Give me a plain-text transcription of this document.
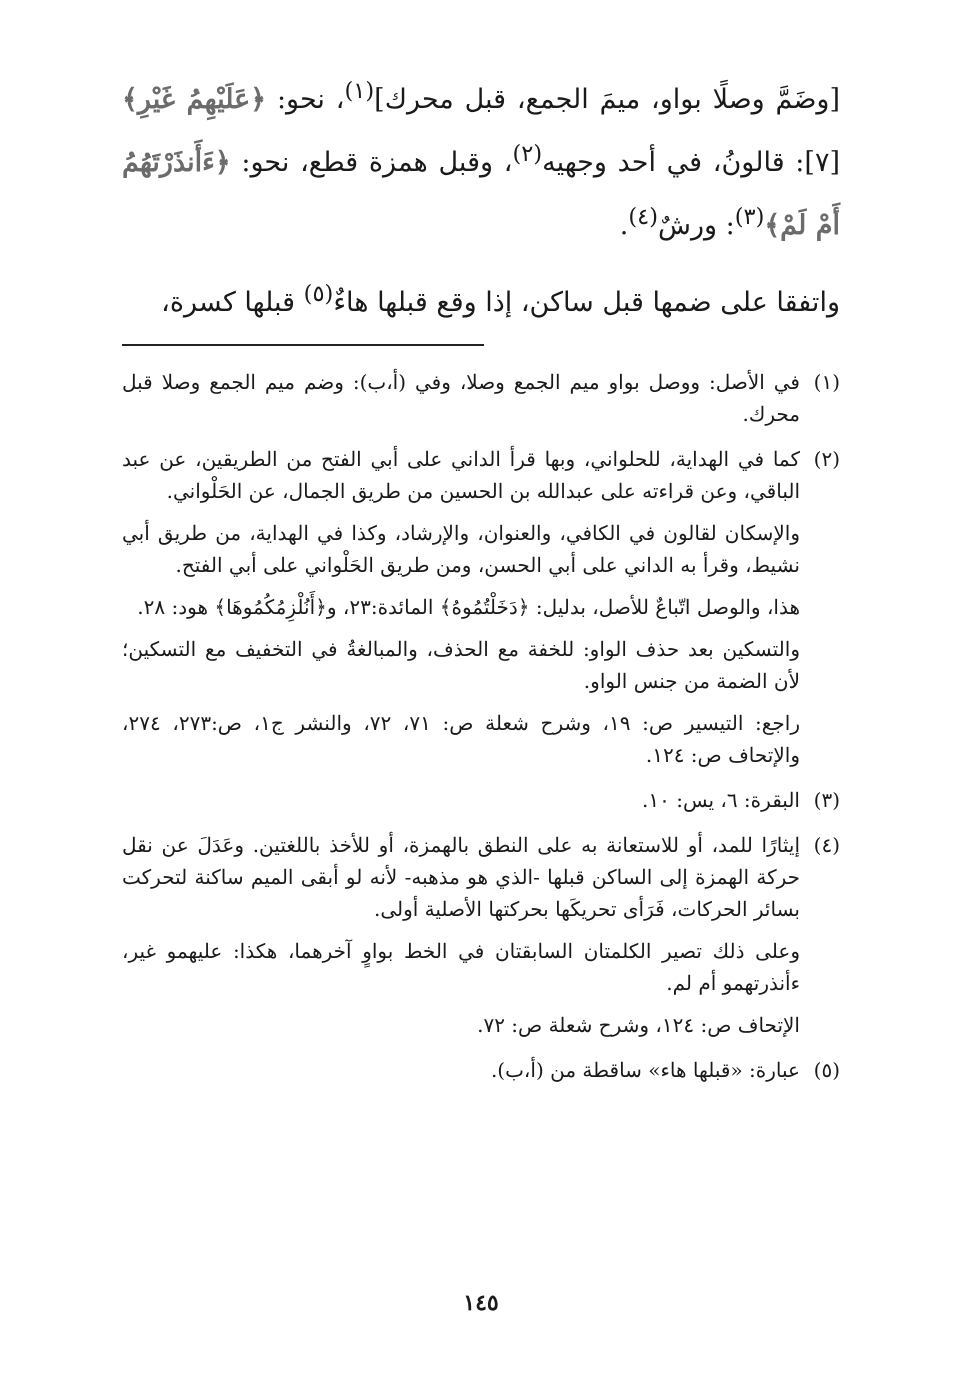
[وضَمَّ وصلًا بواو، ميمَ الجمع، قبل محرك]$^{(١)}$، نحو: ﴿عَلَيْهِمُ غَيْرِ﴾[٧]: قالونُ، في أحد وجهيه$^{(٢)}$، وقبل همزة قطع، نحو: ﴿ءَأَنذَرْتَهُمُ أَمْ لَمْ﴾$^{(٣)}$: ورشٌ$^{(٤)}$.

واتفقا على ضمها قبل ساكن، إذا وقع قبلها هاءٌ$^{(٥)}$ قبلها كسرة،

(١)

في الأصل: ووصل بواو ميم الجمع وصلا، وفي (أ،ب): وضم ميم الجمع وصلا قبل محرك.

(٢)

كما في الهداية، للحلواني، وبها قرأ الداني على أبي الفتح من الطريقين، عن عبد الباقي، وعن قراءته على عبدالله بن الحسين من طريق الجمال، عن الحَلْواني.

والإسكان لقالون في الكافي، والعنوان، والإرشاد، وكذا في الهداية، من طريق أبي نشيط، وقرأ به الداني على أبي الحسن، ومن طريق الحَلْواني على أبي الفتح.

هذا، والوصل اتّباعٌ للأصل، بدليل: ﴿دَخَلْتُمُوهُ﴾ المائدة:٢٣، و﴿أَنُلْزِمُكُمُوهَا﴾ هود: ٢٨.

والتسكين بعد حذف الواو: للخفة مع الحذف، والمبالغةُ في التخفيف مع التسكين؛ لأن الضمة من جنس الواو.

راجع: التيسير ص: ١٩، وشرح شعلة ص: ٧١، ٧٢، والنشر ج١، ص:٢٧٣، ٢٧٤، والإتحاف ص: ١٢٤.

(٣)

البقرة: ٦، يس: ١٠.

(٤)

إيثارًا للمد، أو للاستعانة به على النطق بالهمزة، أو للأخذ باللغتين. وعَدَلَ عن نقل حركة الهمزة إلى الساكن قبلها -الذي هو مذهبه- لأنه لو أبقى الميم ساكنة لتحركت بسائر الحركات، فَرَأى تحريكَها بحركتها الأصلية أولى.

وعلى ذلك تصير الكلمتان السابقتان في الخط بواوٍ آخرهما، هكذا: عليهمو غير، ءأنذرتهمو أم لم.

الإتحاف ص: ١٢٤، وشرح شعلة ص: ٧٢.

(٥)

عبارة: «قبلها هاء» ساقطة من (أ،ب).

١٤٥
